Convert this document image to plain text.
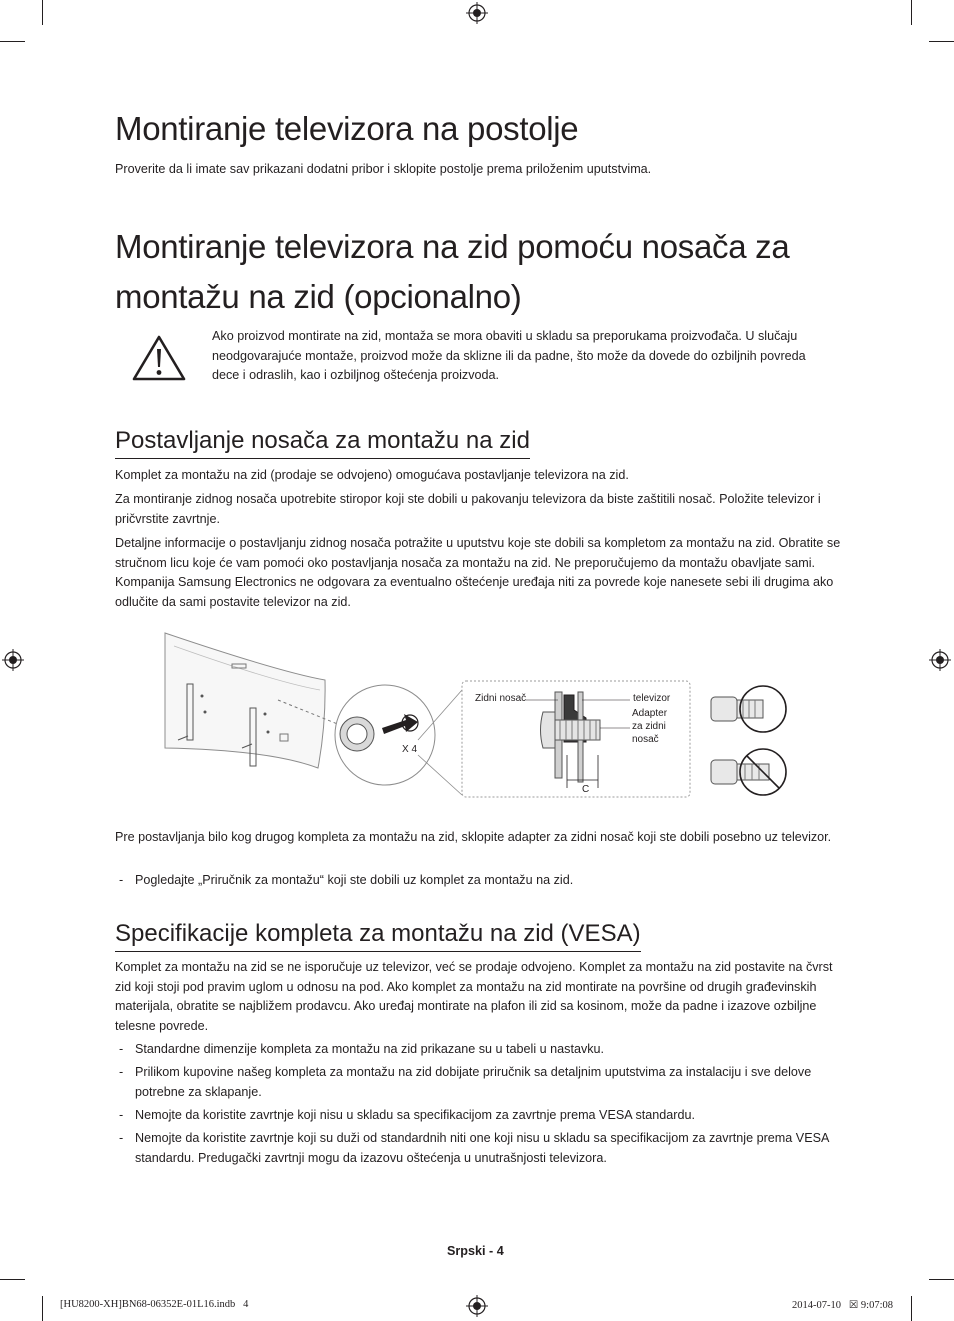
Montiranje televizora na postolje

Proverite da li imate sav prikazani dodatni pribor i sklopite postolje prema priloženim uputstvima.

Montiranje televizora na zid pomoću nosača za
montažu na zid (opcionalno)

Ako proizvod montirate na zid, montaža se mora obaviti u skladu sa preporukama proizvođača. U slučaju neodgovarajuće montaže, proizvod može da sklizne ili da padne, što može da dovede do ozbiljnih povreda dece i odraslih, kao i ozbiljnog oštećenja proizvoda.

Postavljanje nosača za montažu na zid

Komplet za montažu na zid (prodaje se odvojeno) omogućava postavljanje televizora na zid.

Za montiranje zidnog nosača upotrebite stiropor koji ste dobili u pakovanju televizora da biste zaštitili nosač. Položite televizor i pričvrstite zavrtnje.

Detaljne informacije o postavljanju zidnog nosača potražite u uputstvu koje ste dobili sa kompletom za montažu na zid. Obratite se stručnom licu koje će vam pomoći oko postavljanja nosača za montažu na zid. Ne preporučujemo da montažu obavljate sami. Kompanija Samsung Electronics ne odgovara za eventualno oštećenje uređaja niti za povrede koje nanesete sebi ili drugima ako odlučite da sami postavite televizor na zid.

X 4
Zidni nosač	televizor
Adapter
za zidni
nosač
C

Pre postavljanja bilo kog drugog kompleta za montažu na zid, sklopite adapter za zidni nosač koji ste dobili posebno uz televizor.

- Pogledajte „Priručnik za montažu“ koji ste dobili uz komplet za montažu na zid.
Specifikacije kompleta za montažu na zid (VESA)

Komplet za montažu na zid se ne isporučuje uz televizor, već se prodaje odvojeno. Komplet za montažu na zid postavite na čvrst zid koji stoji pod pravim uglom u odnosu na pod. Ako komplet za montažu na zid montirate na površine od drugih građevinskih materijala, obratite se najbližem prodavcu. Ako uređaj montirate na plafon ili zid sa kosinom, može da padne i izazove ozbiljne telesne povrede.

- Standardne dimenzije kompleta za montažu na zid prikazane su u tabeli u nastavku.
- Prilikom kupovine našeg kompleta za montažu na zid dobijate priručnik sa detaljnim uputstvima za instalaciju i sve delove potrebne za sklapanje.
- Nemojte da koristite zavrtnje koji nisu u skladu sa specifikacijom za zavrtnje prema VESA standardu.
- Nemojte da koristite zavrtnje koji su duži od standardnih niti one koji nisu u skladu sa specifikacijom za zavrtnje prema VESA standardu. Predugački zavrtnji mogu da izazovu oštećenja u unutrašnjosti televizora.
Srpski - 4
[HU8200-XH]BN68-06352E-01L16.indb   4	2014-07-10   ☒ 9:07:08
